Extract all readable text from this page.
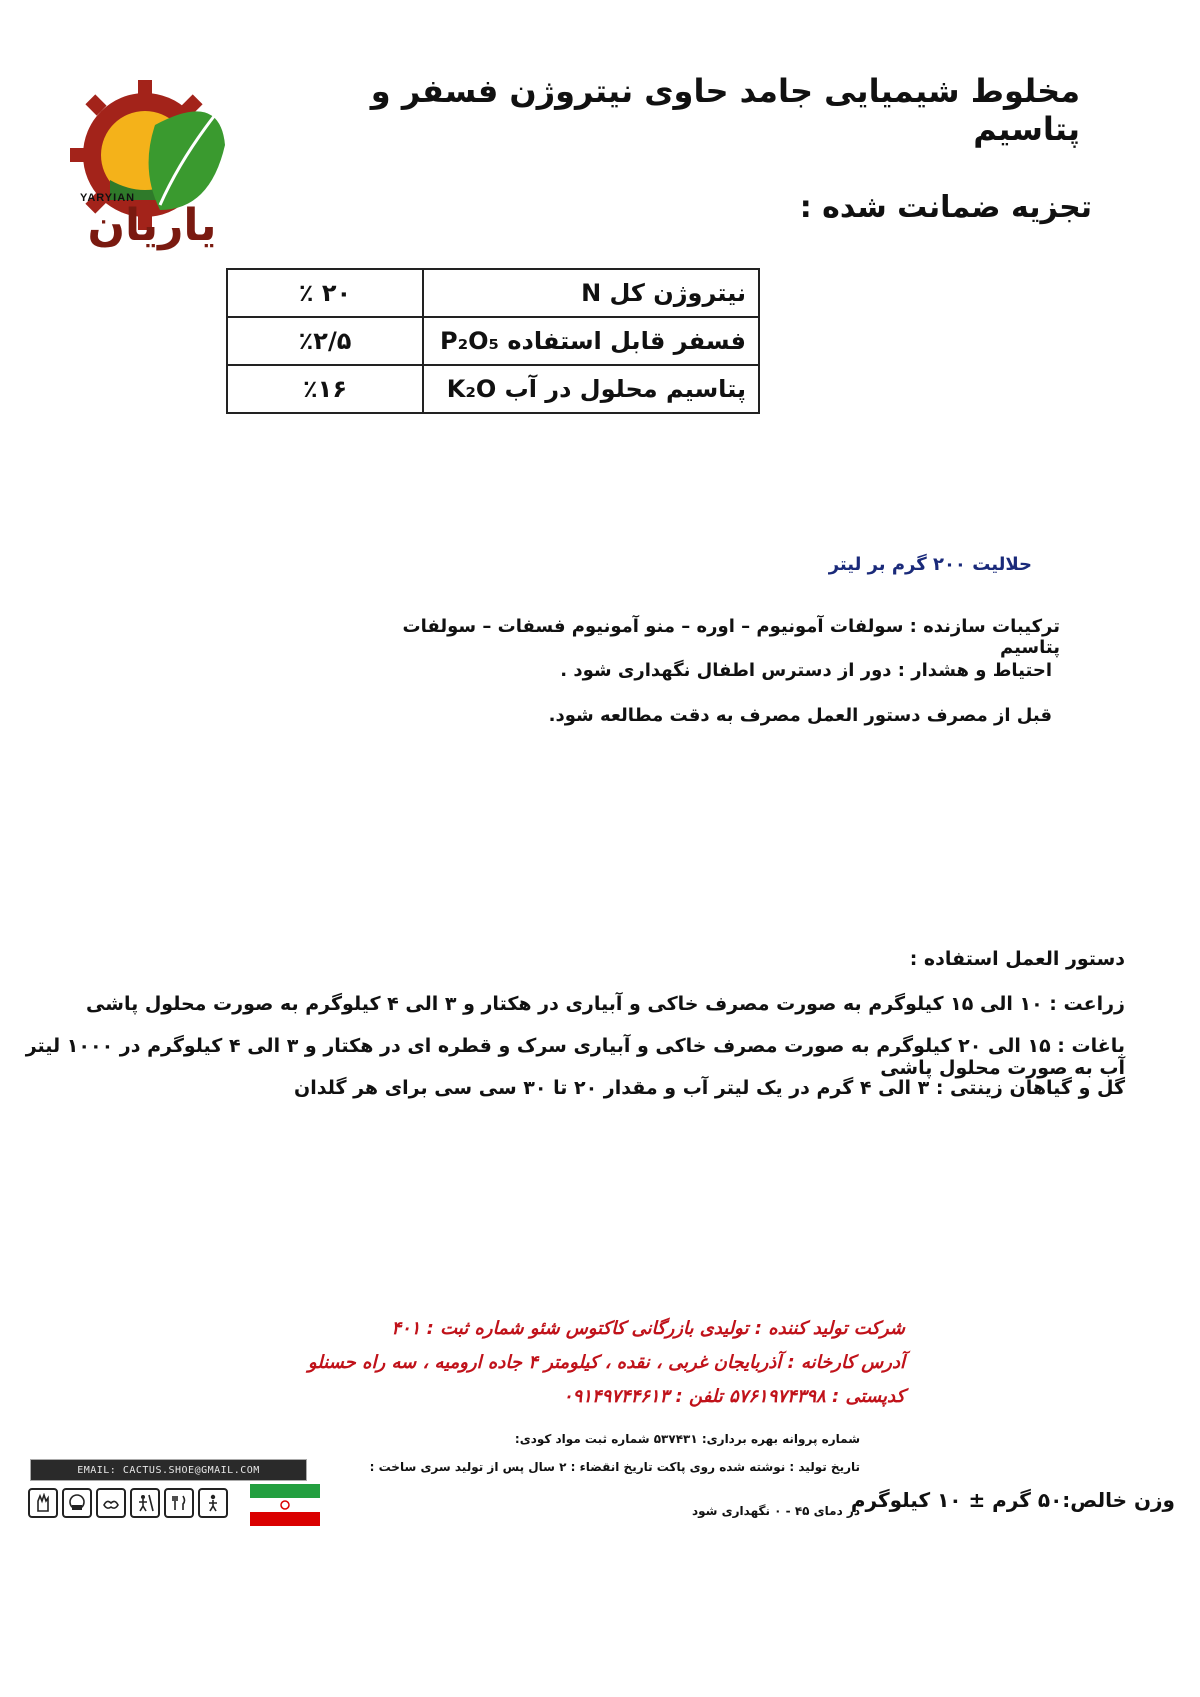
مخلوط شیمیایی جامد حاوی نیتروژن فسفر و پتاسیم
YARYIAN
یاریان	تجزیه ضمانت شده :
۲۰ ٪	نیتروژن کل N
٪۲/۵	فسفر قابل استفاده P₂O₅
٪۱۶	پتاسیم محلول در آب K₂O
حلالیت ۲۰۰ گرم بر لیتر
ترکیبات سازنده : سولفات آمونیوم – اوره – منو آمونیوم فسفات – سولفات پتاسیم
احتیاط و هشدار : دور از دسترس اطفال نگهداری شود .
قبل از مصرف دستور العمل مصرف به دقت مطالعه شود.
دستور العمل استفاده :
زراعت : ۱۰ الی ۱۵ کیلوگرم به صورت مصرف خاکی و آبیاری در هکتار و ۳ الی ۴ کیلوگرم به صورت محلول پاشی
باغات : ۱۵ الی ۲۰ کیلوگرم به صورت مصرف خاکی و آبیاری سرک و قطره ای در هکتار و ۳ الی ۴ کیلوگرم در ۱۰۰۰ لیتر آب به صورت محلول پاشی
گل و گیاهان زینتی : ۳ الی ۴ گرم در یک لیتر آب و مقدار ۲۰ تا ۳۰ سی سی برای هر گلدان
شرکت تولید کننده : تولیدی بازرگانی کاکتوس شئو شماره ثبت : ۴۰۱
آدرس کارخانه : آذربایجان غربی ، نقده ، کیلومتر ۴ جاده ارومیه ، سه راه حسنلو
کدپستی : ۵۷۶۱۹۷۴۳۹۸ تلفن : ۰۹۱۴۹۷۴۴۶۱۳
شماره پروانه بهره برداری: ۵۳۷۴۳۱ شماره ثبت مواد کودی:
تاریخ تولید : نوشته شده روی پاکت تاریخ انقضاء : ۲ سال پس از تولید سری ساخت :
در دمای ۴۵ - ۰ نگهداری شود
وزن خالص:۵۰ گرم ± ۱۰ کیلوگرم
EMAIL: CACTUS.SHOE@GMAIL.COM
